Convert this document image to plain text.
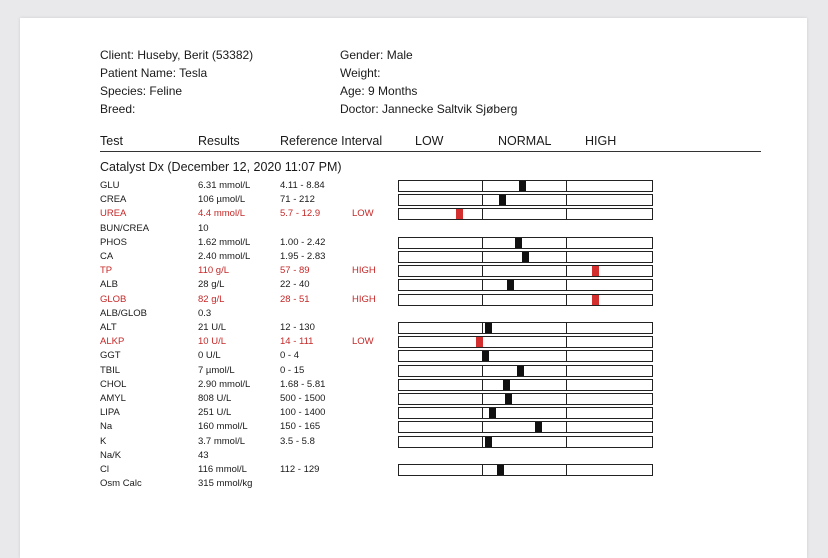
Client: Huseby, Berit (53382)
Patient Name: Tesla
Species: Feline
Breed:
Gender: Male
Weight:
Age: 9 Months
Doctor: Jannecke Saltvik Sjøberg
Test	Results	Reference Interval	LOW	NORMAL	HIGH
Catalyst Dx (December 12, 2020 11:07 PM)
GLU	6.31 mmol/L	4.11 - 8.84
CREA	106 µmol/L	71 - 212
UREA	4.4 mmol/L	5.7 - 12.9	LOW
BUN/CREA	10
PHOS	1.62 mmol/L	1.00 - 2.42
CA	2.40 mmol/L	1.95 - 2.83
TP	110 g/L	57 - 89	HIGH
ALB	28 g/L	22 - 40
GLOB	82 g/L	28 - 51	HIGH
ALB/GLOB	0.3
ALT	21 U/L	12 - 130
ALKP	10 U/L	14 - 111	LOW
GGT	0 U/L	0 - 4
TBIL	7 µmol/L	0 - 15
CHOL	2.90 mmol/L	1.68 - 5.81
AMYL	808 U/L	500 - 1500
LIPA	251 U/L	100 - 1400
Na	160 mmol/L	150 - 165
K	3.7 mmol/L	3.5 - 5.8
Na/K	43
Cl	116 mmol/L	112 - 129
Osm Calc	315 mmol/kg
